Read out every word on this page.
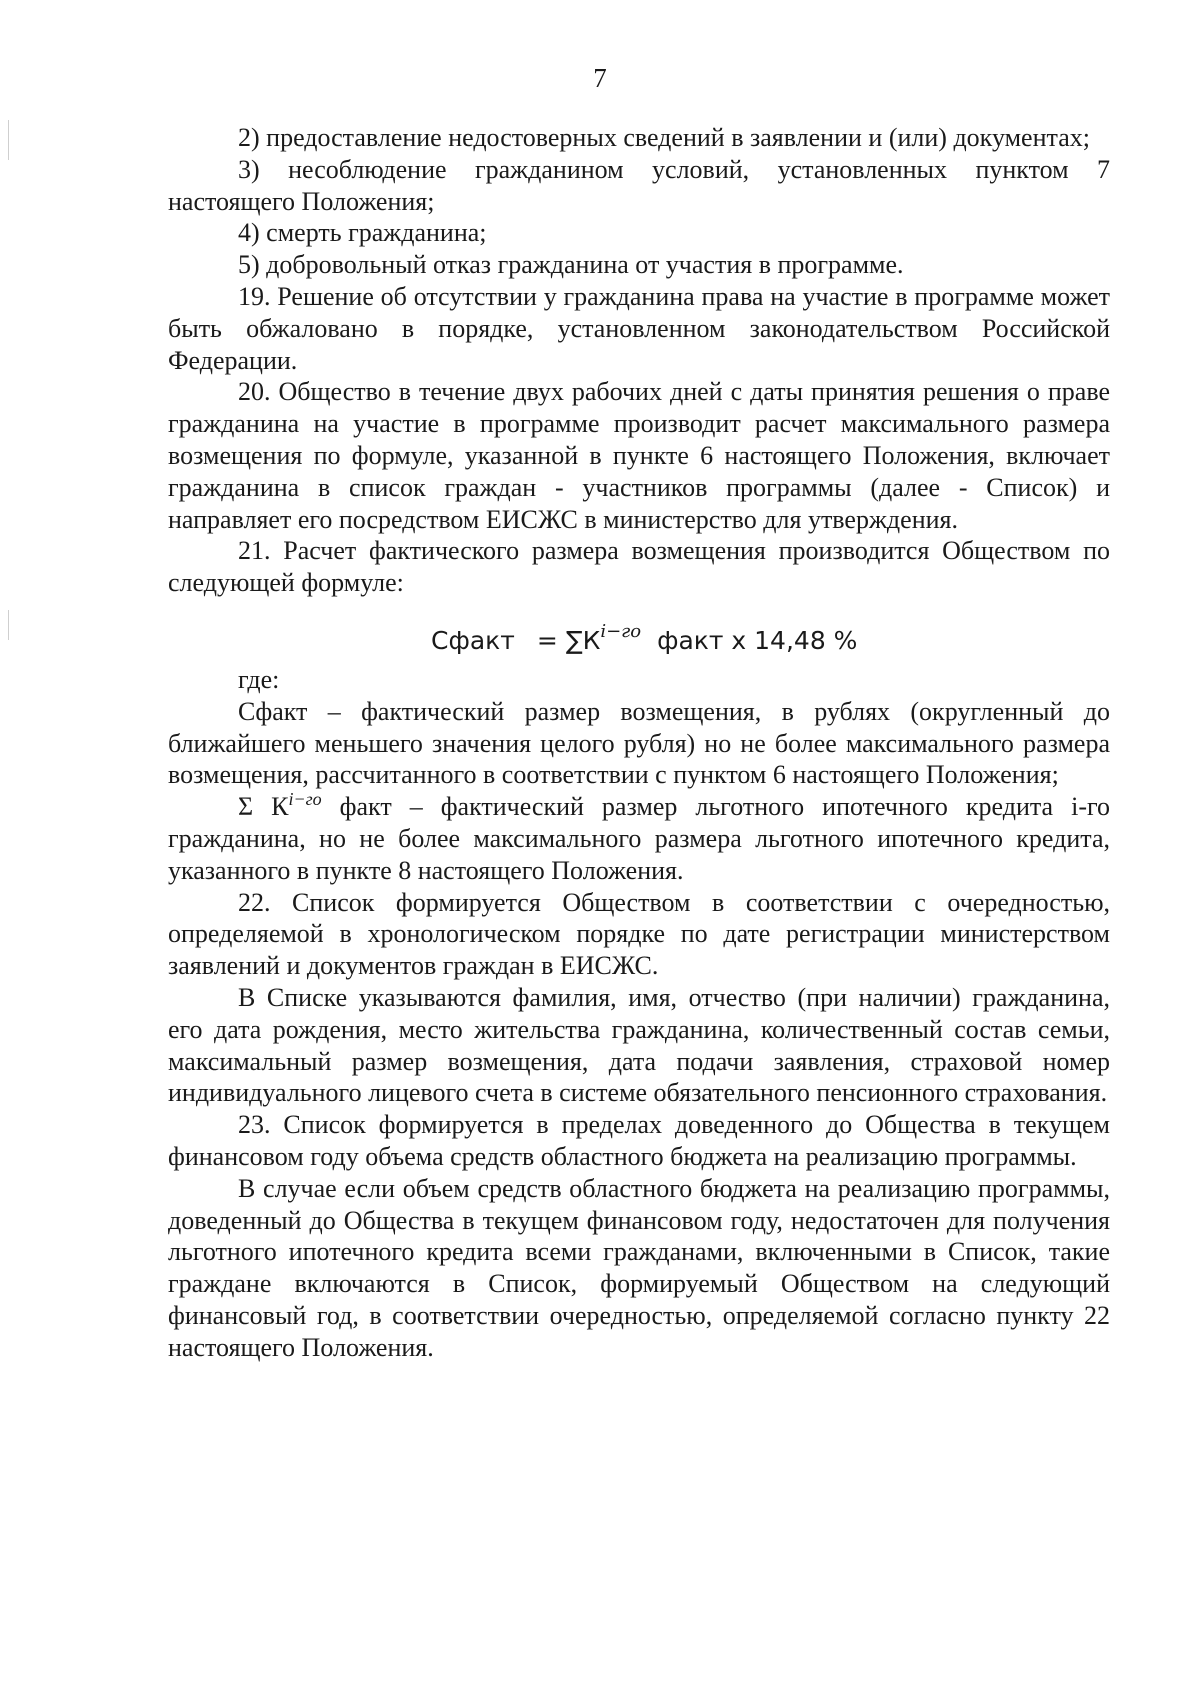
7

2) предоставление недостоверных сведений в заявлении и (или) документах;

3) несоблюдение гражданином условий, установленных пунктом 7 настоящего Положения;

4) смерть гражданина;

5) добровольный отказ гражданина от участия в программе.

19. Решение об отсутствии у гражданина права на участие в программе может быть обжаловано в порядке, установленном законодательством Российской Федерации.

20. Общество в течение двух рабочих дней с даты принятия решения о праве гражданина на участие в программе производит расчет максимального размера возмещения по формуле, указанной в пункте 6 настоящего Положения, включает гражданина в список граждан - участников программы (далее - Список) и направляет его посредством ЕИСЖС в министерство для утверждения.

21. Расчет фактического размера возмещения производится Обществом по следующей формуле:

Сфакт = $\sum К^{i-го}$ факт х 14,48 %

где:

Сфакт – фактический размер возмещения, в рублях (округленный до ближайшего меньшего значения целого рубля) но не более максимального размера возмещения, рассчитанного в соответствии с пунктом 6 настоящего Положения;

Σ $К^{i-го}$ факт – фактический размер льготного ипотечного кредита i-го гражданина, но не более максимального размера льготного ипотечного кредита, указанного в пункте 8 настоящего Положения.

22. Список формируется Обществом в соответствии с очередностью, определяемой в хронологическом порядке по дате регистрации министерством заявлений и документов граждан в ЕИСЖС.

В Списке указываются фамилия, имя, отчество (при наличии) гражданина, его дата рождения, место жительства гражданина, количественный состав семьи, максимальный размер возмещения, дата подачи заявления, страховой номер индивидуального лицевого счета в системе обязательного пенсионного страхования.

23. Список формируется в пределах доведенного до Общества в текущем финансовом году объема средств областного бюджета на реализацию программы.

В случае если объем средств областного бюджета на реализацию программы, доведенный до Общества в текущем финансовом году, недостаточен для получения льготного ипотечного кредита всеми гражданами, включенными в Список, такие граждане включаются в Список, формируемый Обществом на следующий финансовый год, в соответствии очередностью, определяемой согласно пункту 22 настоящего Положения.
